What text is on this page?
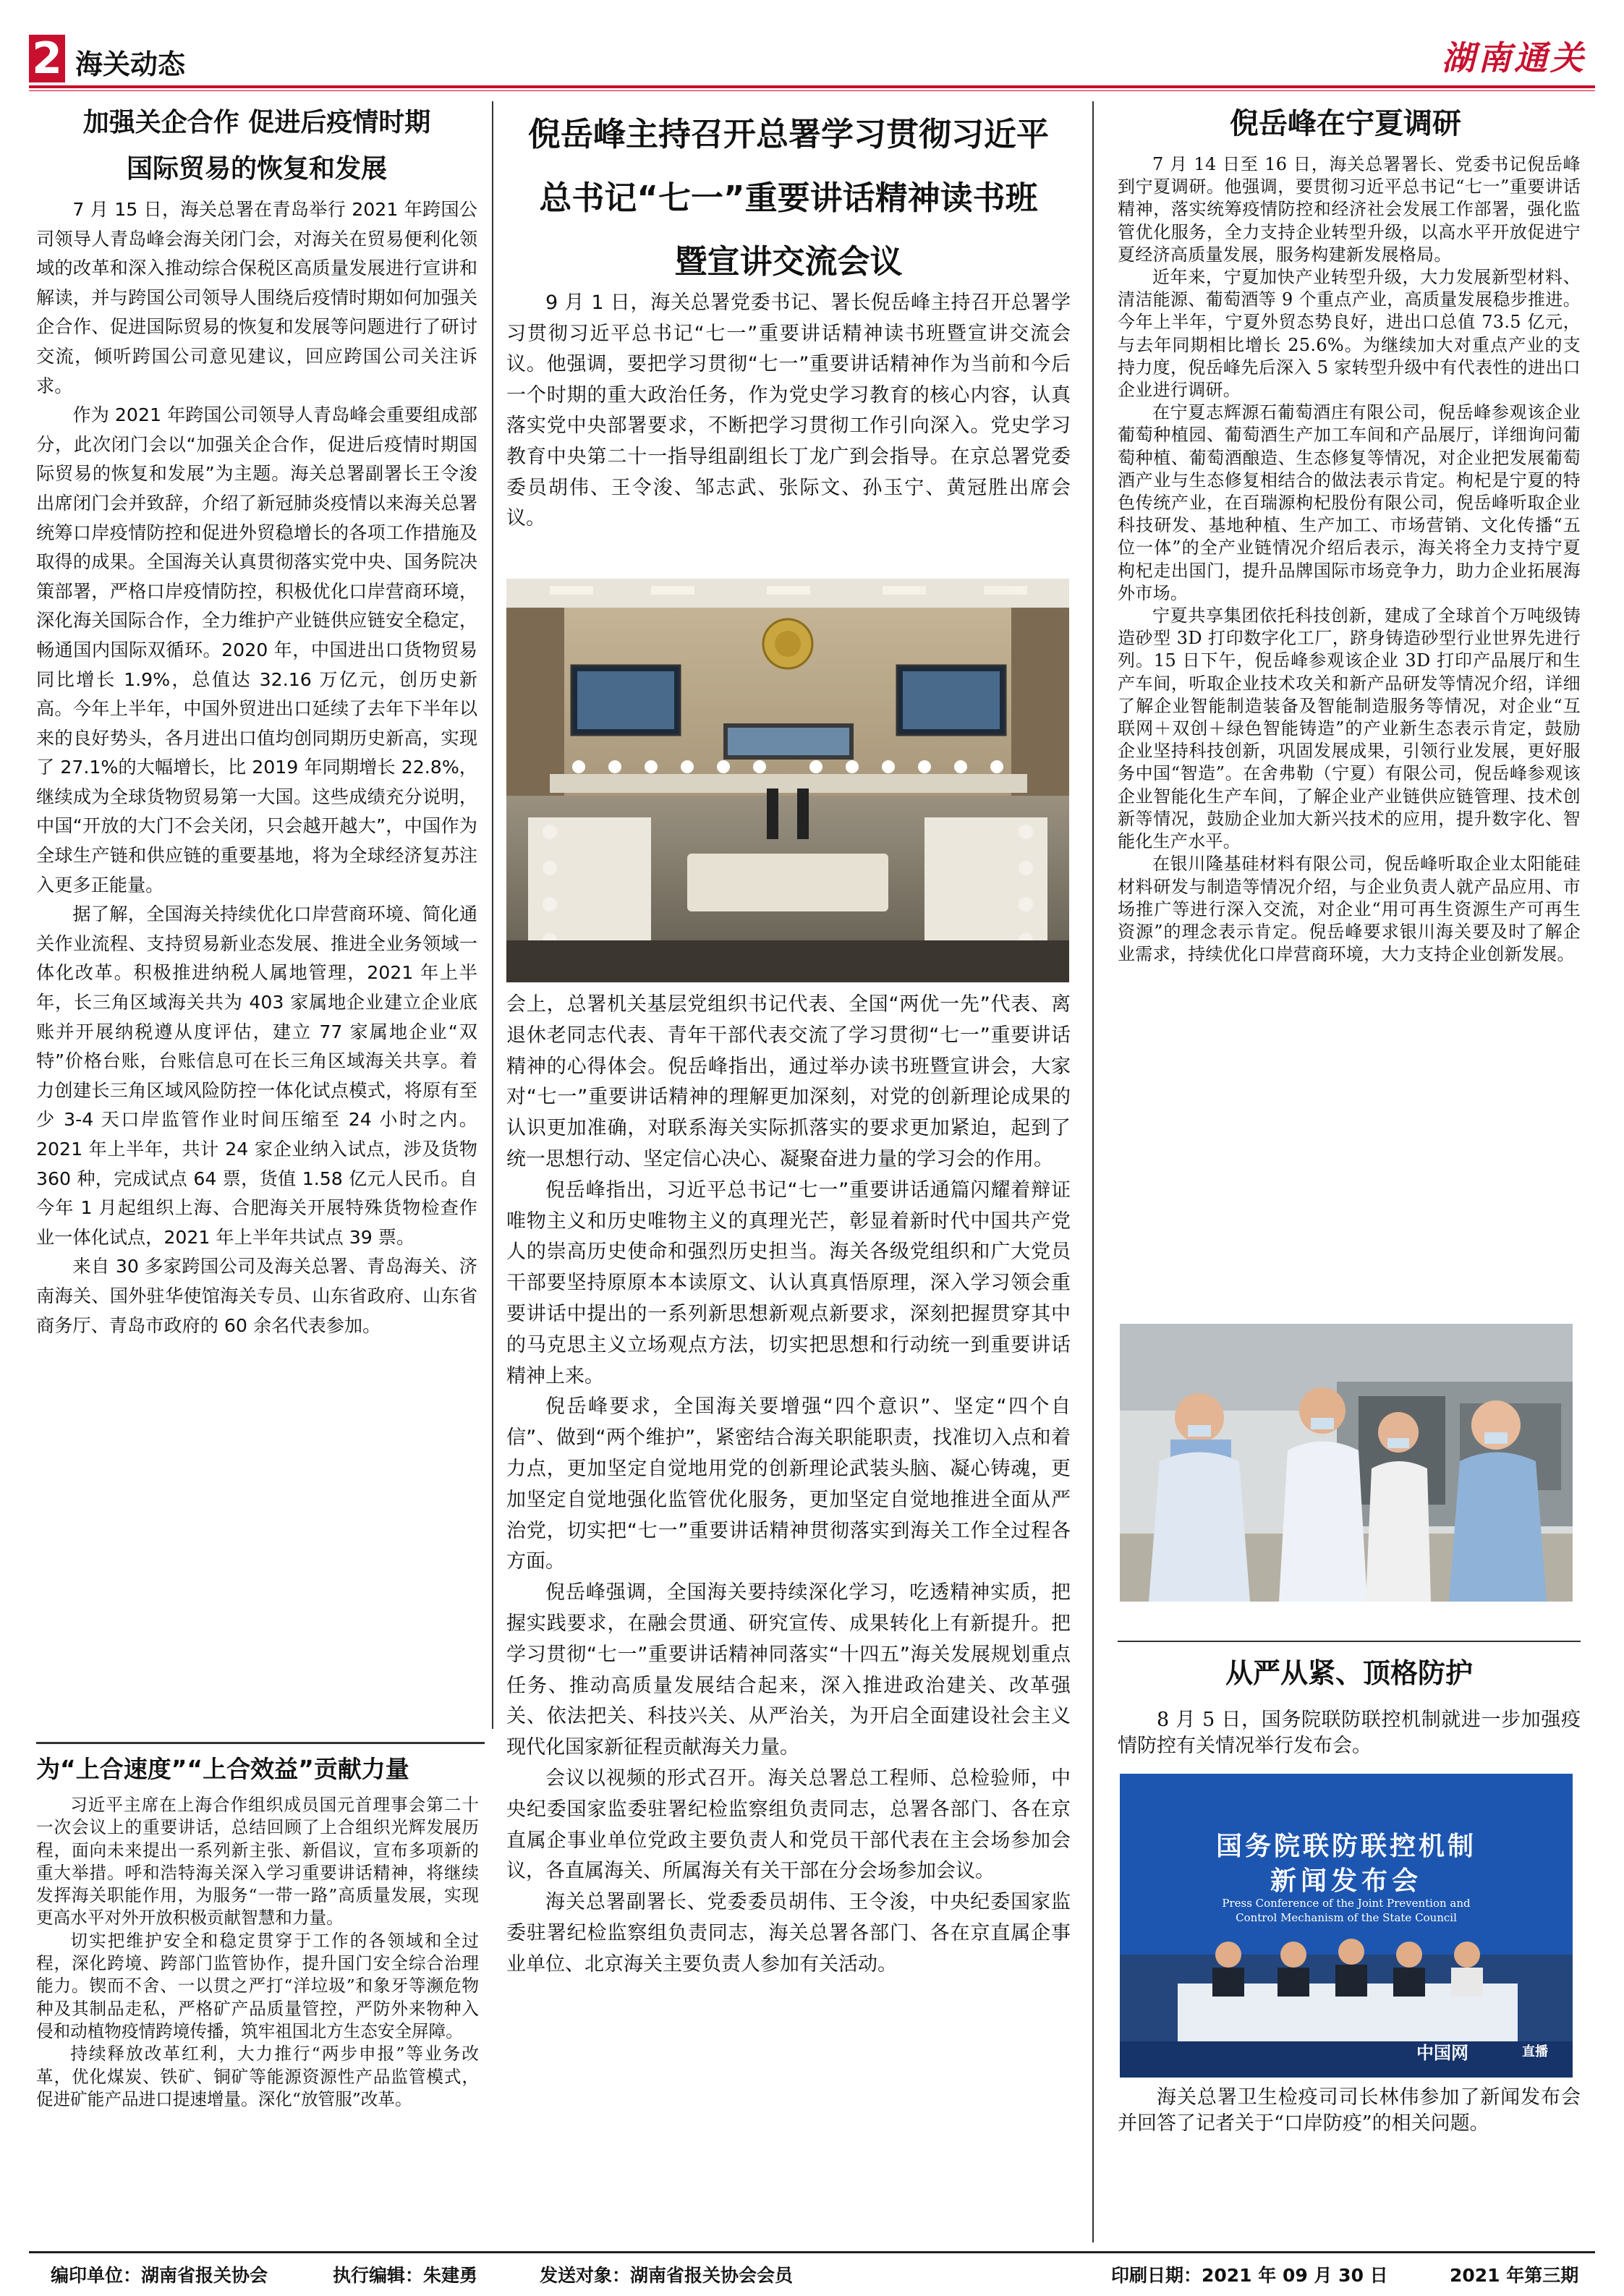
2 海关动态	湖南通关
加强关企合作 促进后疫情时期
国际贸易的恢复和发展

7 月 15 日，海关总署在青岛举行 2021 年跨国公司领导人青岛峰会海关闭门会，对海关在贸易便利化领域的改革和深入推动综合保税区高质量发展进行宣讲和解读，并与跨国公司领导人围绕后疫情时期如何加强关企合作、促进国际贸易的恢复和发展等问题进行了研讨交流，倾听跨国公司意见建议，回应跨国公司关注诉求。

作为 2021 年跨国公司领导人青岛峰会重要组成部分，此次闭门会以“加强关企合作，促进后疫情时期国际贸易的恢复和发展”为主题。海关总署副署长王令浚出席闭门会并致辞，介绍了新冠肺炎疫情以来海关总署统筹口岸疫情防控和促进外贸稳增长的各项工作措施及取得的成果。全国海关认真贯彻落实党中央、国务院决策部署，严格口岸疫情防控，积极优化口岸营商环境，深化海关国际合作，全力维护产业链供应链安全稳定，畅通国内国际双循环。2020 年，中国进出口货物贸易同比增长 1.9%，总值达 32.16 万亿元，创历史新高。今年上半年，中国外贸进出口延续了去年下半年以来的良好势头，各月进出口值均创同期历史新高，实现了 27.1%的大幅增长，比 2019 年同期增长 22.8%，继续成为全球货物贸易第一大国。这些成绩充分说明，中国“开放的大门不会关闭，只会越开越大”，中国作为全球生产链和供应链的重要基地，将为全球经济复苏注入更多正能量。

据了解，全国海关持续优化口岸营商环境、简化通关作业流程、支持贸易新业态发展、推进全业务领域一体化改革。积极推进纳税人属地管理，2021 年上半年，长三角区域海关共为 403 家属地企业建立企业底账并开展纳税遵从度评估，建立 77 家属地企业“双特”价格台账，台账信息可在长三角区域海关共享。着力创建长三角区域风险防控一体化试点模式，将原有至少 3-4 天口岸监管作业时间压缩至 24 小时之内。2021 年上半年，共计 24 家企业纳入试点，涉及货物 360 种，完成试点 64 票，货值 1.58 亿元人民币。自今年 1 月起组织上海、合肥海关开展特殊货物检查作业一体化试点，2021 年上半年共试点 39 票。

来自 30 多家跨国公司及海关总署、青岛海关、济南海关、国外驻华使馆海关专员、山东省政府、山东省商务厅、青岛市政府的 60 余名代表参加。

为“上合速度”“上合效益”贡献力量

习近平主席在上海合作组织成员国元首理事会第二十一次会议上的重要讲话，总结回顾了上合组织光辉发展历程，面向未来提出一系列新主张、新倡议，宣布多项新的重大举措。呼和浩特海关深入学习重要讲话精神，将继续发挥海关职能作用，为服务“一带一路”高质量发展，实现更高水平对外开放积极贡献智慧和力量。

切实把维护安全和稳定贯穿于工作的各领域和全过程，深化跨境、跨部门监管协作，提升国门安全综合治理能力。锲而不舍、一以贯之严打“洋垃圾”和象牙等濒危物种及其制品走私，严格矿产品质量管控，严防外来物种入侵和动植物疫情跨境传播，筑牢祖国北方生态安全屏障。

持续释放改革红利，大力推行“两步申报”等业务改革，优化煤炭、铁矿、铜矿等能源资源性产品监管模式，促进矿能产品进口提速增量。深化“放管服”改革。

倪岳峰主持召开总署学习贯彻习近平
总书记“七一”重要讲话精神读书班
暨宣讲交流会议

9 月 1 日，海关总署党委书记、署长倪岳峰主持召开总署学习贯彻习近平总书记“七一”重要讲话精神读书班暨宣讲交流会议。他强调，要把学习贯彻“七一”重要讲话精神作为当前和今后一个时期的重大政治任务，作为党史学习教育的核心内容，认真落实党中央部署要求，不断把学习贯彻工作引向深入。党史学习教育中央第二十一指导组副组长丁龙广到会指导。在京总署党委委员胡伟、王令浚、邹志武、张际文、孙玉宁、黄冠胜出席会议。

会上，总署机关基层党组织书记代表、全国“两优一先”代表、离退休老同志代表、青年干部代表交流了学习贯彻“七一”重要讲话精神的心得体会。倪岳峰指出，通过举办读书班暨宣讲会，大家对“七一”重要讲话精神的理解更加深刻，对党的创新理论成果的认识更加准确，对联系海关实际抓落实的要求更加紧迫，起到了统一思想行动、坚定信心决心、凝聚奋进力量的学习会的作用。

倪岳峰指出，习近平总书记“七一”重要讲话通篇闪耀着辩证唯物主义和历史唯物主义的真理光芒，彰显着新时代中国共产党人的崇高历史使命和强烈历史担当。海关各级党组织和广大党员干部要坚持原原本本读原文、认认真真悟原理，深入学习领会重要讲话中提出的一系列新思想新观点新要求，深刻把握贯穿其中的马克思主义立场观点方法，切实把思想和行动统一到重要讲话精神上来。

倪岳峰要求，全国海关要增强“四个意识”、坚定“四个自信”、做到“两个维护”，紧密结合海关职能职责，找准切入点和着力点，更加坚定自觉地用党的创新理论武装头脑、凝心铸魂，更加坚定自觉地强化监管优化服务，更加坚定自觉地推进全面从严治党，切实把“七一”重要讲话精神贯彻落实到海关工作全过程各方面。

倪岳峰强调，全国海关要持续深化学习，吃透精神实质，把握实践要求，在融会贯通、研究宣传、成果转化上有新提升。把学习贯彻“七一”重要讲话精神同落实“十四五”海关发展规划重点任务、推动高质量发展结合起来，深入推进政治建关、改革强关、依法把关、科技兴关、从严治关，为开启全面建设社会主义现代化国家新征程贡献海关力量。

会议以视频的形式召开。海关总署总工程师、总检验师，中央纪委国家监委驻署纪检监察组负责同志，总署各部门、各在京直属企事业单位党政主要负责人和党员干部代表在主会场参加会议，各直属海关、所属海关有关干部在分会场参加会议。

海关总署副署长、党委委员胡伟、王令浚，中央纪委国家监委驻署纪检监察组负责同志，海关总署各部门、各在京直属企事业单位、北京海关主要负责人参加有关活动。

倪岳峰在宁夏调研

7 月 14 日至 16 日，海关总署署长、党委书记倪岳峰到宁夏调研。他强调，要贯彻习近平总书记“七一”重要讲话精神，落实统筹疫情防控和经济社会发展工作部署，强化监管优化服务，全力支持企业转型升级，以高水平开放促进宁夏经济高质量发展，服务构建新发展格局。

近年来，宁夏加快产业转型升级，大力发展新型材料、清洁能源、葡萄酒等 9 个重点产业，高质量发展稳步推进。今年上半年，宁夏外贸态势良好，进出口总值 73.5 亿元，与去年同期相比增长 25.6%。为继续加大对重点产业的支持力度，倪岳峰先后深入 5 家转型升级中有代表性的进出口企业进行调研。

在宁夏志辉源石葡萄酒庄有限公司，倪岳峰参观该企业葡萄种植园、葡萄酒生产加工车间和产品展厅，详细询问葡萄种植、葡萄酒酿造、生态修复等情况，对企业把发展葡萄酒产业与生态修复相结合的做法表示肯定。枸杞是宁夏的特色传统产业，在百瑞源枸杞股份有限公司，倪岳峰听取企业科技研发、基地种植、生产加工、市场营销、文化传播“五位一体”的全产业链情况介绍后表示，海关将全力支持宁夏枸杞走出国门，提升品牌国际市场竞争力，助力企业拓展海外市场。

宁夏共享集团依托科技创新，建成了全球首个万吨级铸造砂型 3D 打印数字化工厂，跻身铸造砂型行业世界先进行列。15 日下午，倪岳峰参观该企业 3D 打印产品展厅和生产车间，听取企业技术攻关和新产品研发等情况介绍，详细了解企业智能制造装备及智能制造服务等情况，对企业“互联网＋双创＋绿色智能铸造”的产业新生态表示肯定，鼓励企业坚持科技创新，巩固发展成果，引领行业发展，更好服务中国“智造”。在舍弗勒（宁夏）有限公司，倪岳峰参观该企业智能化生产车间，了解企业产业链供应链管理、技术创新等情况，鼓励企业加大新兴技术的应用，提升数字化、智能化生产水平。

在银川隆基硅材料有限公司，倪岳峰听取企业太阳能硅材料研发与制造等情况介绍，与企业负责人就产品应用、市场推广等进行深入交流，对企业“用可再生资源生产可再生资源”的理念表示肯定。倪岳峰要求银川海关要及时了解企业需求，持续优化口岸营商环境，大力支持企业创新发展。

从严从紧、顶格防护

8 月 5 日，国务院联防联控机制就进一步加强疫情防控有关情况举行发布会。

国务院联防联控机制
新闻发布会
Press Conference of the Joint Prevention and
Control Mechanism of the State Council
中国网	直播

海关总署卫生检疫司司长林伟参加了新闻发布会并回答了记者关于“口岸防疫”的相关问题。

编印单位：湖南省报关协会	执行编辑：朱建勇	发送对象：湖南省报关协会会员	印刷日期：2021 年 09 月 30 日	2021 年第三期
